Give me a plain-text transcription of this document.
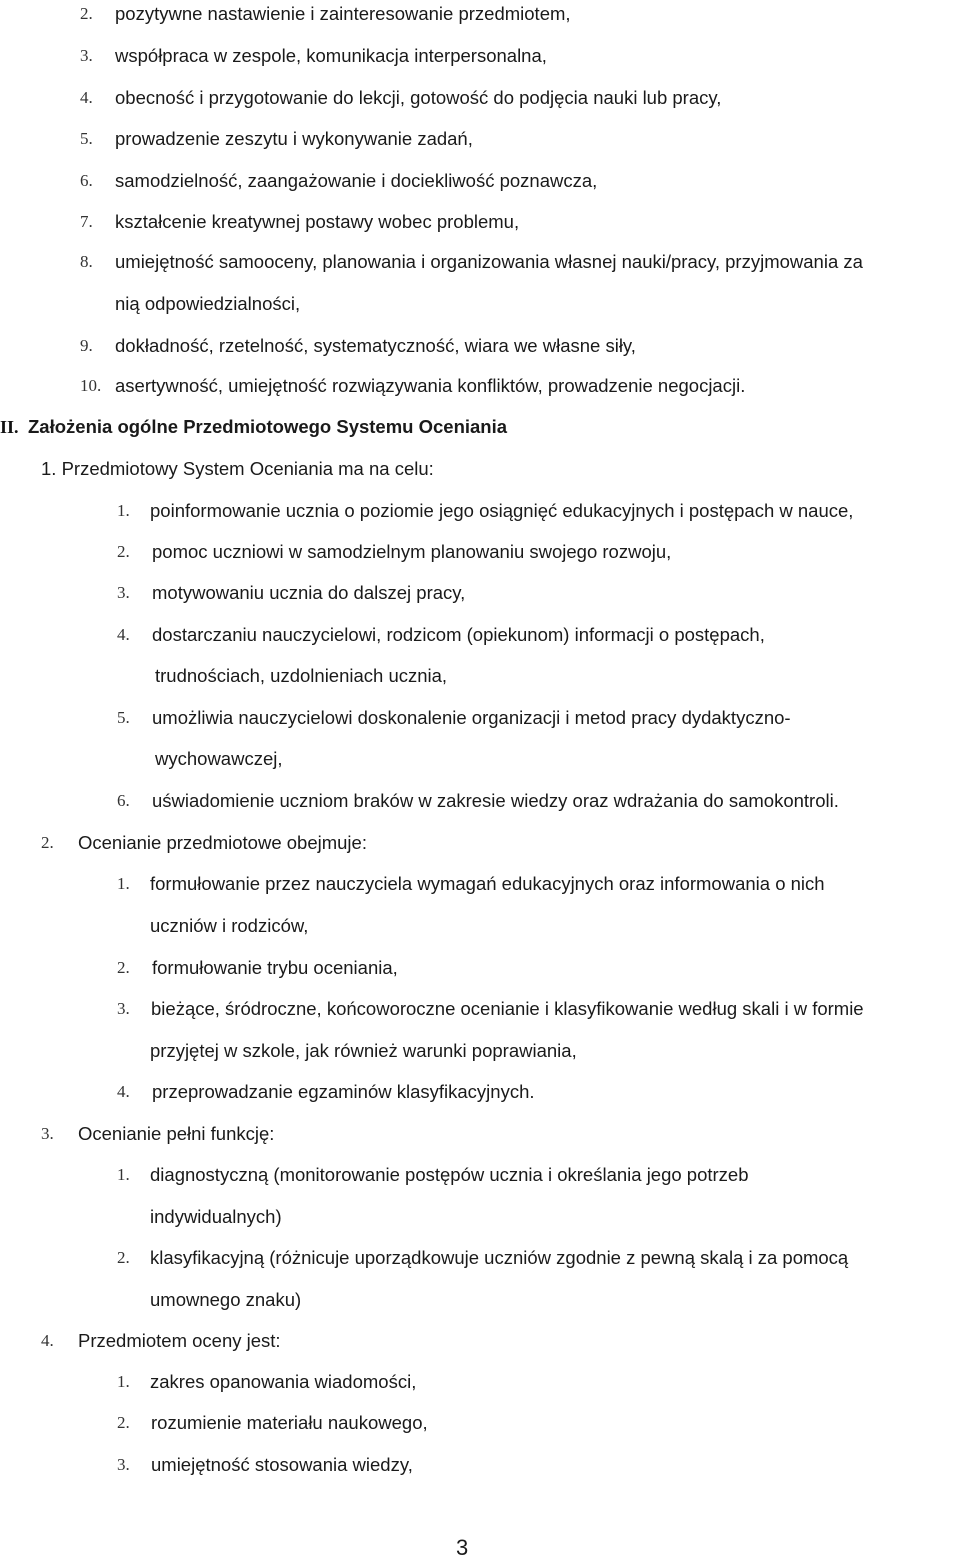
2. pozytywne nastawienie i zainteresowanie przedmiotem,
3. współpraca w zespole, komunikacja interpersonalna,
4. obecność i przygotowanie do lekcji, gotowość do podjęcia nauki lub pracy,
5. prowadzenie zeszytu i wykonywanie zadań,
6. samodzielność, zaangażowanie i dociekliwość poznawcza,
7. kształcenie kreatywnej postawy wobec problemu,
8. umiejętność samooceny, planowania i organizowania własnej nauki/pracy, przyjmowania za
nią odpowiedzialności,
9. dokładność, rzetelność, systematyczność, wiara we własne siły,
10. asertywność, umiejętność rozwiązywania konfliktów, prowadzenie negocjacji.
II. Założenia ogólne Przedmiotowego Systemu Oceniania
1. Przedmiotowy System Oceniania ma na celu:
1. poinformowanie ucznia o poziomie jego osiągnięć edukacyjnych i postępach w nauce,
2. pomoc uczniowi w samodzielnym planowaniu swojego rozwoju,
3. motywowaniu ucznia do dalszej pracy,
4. dostarczaniu nauczycielowi, rodzicom (opiekunom) informacji o postępach,
trudnościach, uzdolnieniach ucznia,
5. umożliwia nauczycielowi doskonalenie organizacji i metod pracy dydaktyczno-
wychowawczej,
6. uświadomienie uczniom braków w zakresie wiedzy oraz wdrażania do samokontroli.
2. Ocenianie przedmiotowe obejmuje:
1. formułowanie przez nauczyciela wymagań edukacyjnych oraz informowania o nich
uczniów i rodziców,
2. formułowanie trybu oceniania,
3. bieżące, śródroczne, końcoworoczne ocenianie i klasyfikowanie według skali i w formie
przyjętej w szkole, jak również warunki poprawiania,
4. przeprowadzanie egzaminów klasyfikacyjnych.
3. Ocenianie pełni funkcję:
1. diagnostyczną (monitorowanie postępów ucznia i określania jego potrzeb
indywidualnych)
2. klasyfikacyjną (różnicuje uporządkowuje uczniów zgodnie z pewną skalą i za pomocą
umownego znaku)
4. Przedmiotem oceny jest:
1. zakres opanowania wiadomości,
2. rozumienie materiału naukowego,
3. umiejętność stosowania wiedzy,
3
